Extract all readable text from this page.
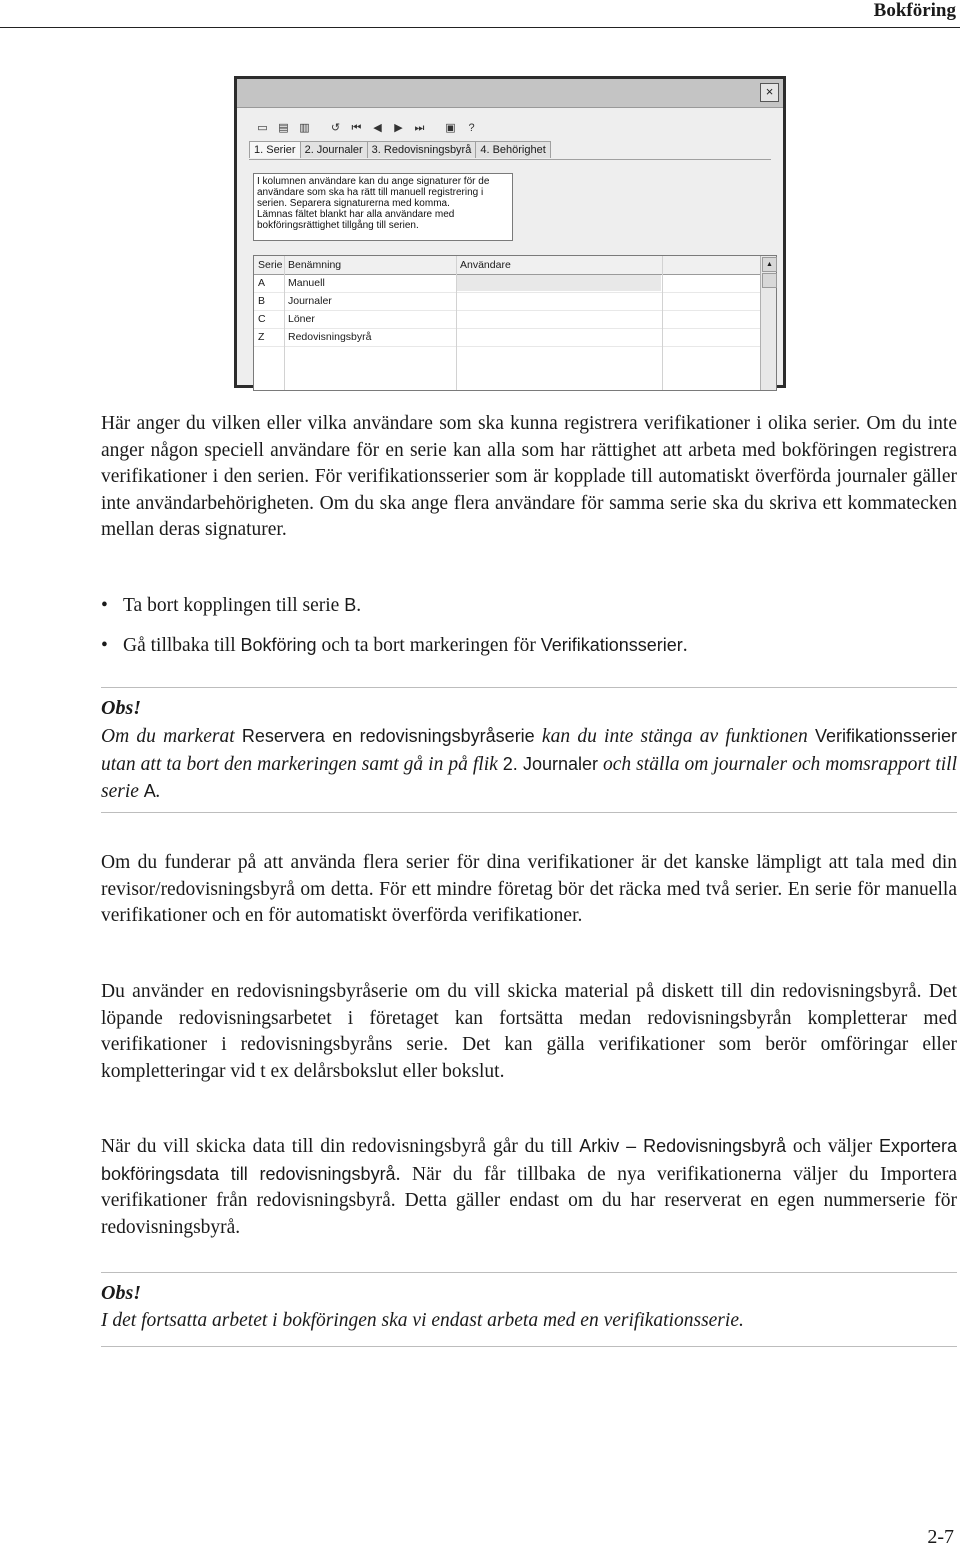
Bokföring
×
▭ ▤ ▥ ↺ ⏮ ◀ ▶ ⏭ ▣	?
1. Serier 2. Journaler 3. Redovisningsbyrå 4. Behörighet
I kolumnen användare kan du ange signaturer för de
användare som ska ha rätt till manuell registrering i
serien. Separera signaturerna med komma.
Lämnas fältet blankt har alla användare med
bokföringsrättighet tillgång till serien.
Serie Benämning	Användare
A Manuell
B Journaler
C Löner
Z Redovisningsbyrå
▲
Här anger du vilken eller vilka användare som ska kunna registrera verifikationer i olika serier. Om du inte anger någon speciell användare för en serie kan alla som har rättighet att arbeta med bokföringen registrera verifikationer i den serien. För verifikationsserier som är kopplade till automatiskt överförda journaler gäller inte användarbehörigheten. Om du ska ange flera användare för samma serie ska du skriva ett kommatecken mellan deras signaturer.
• Ta bort kopplingen till serie B.
• Gå tillbaka till Bokföring och ta bort markeringen för Verifikationsserier.
Obs!
Om du markerat Reservera en redovisningsbyråserie kan du inte stänga av funktionen Verifikationsserier utan att ta bort den markeringen samt gå in på flik 2. Journaler och ställa om journaler och momsrapport till serie A.
Om du funderar på att använda flera serier för dina verifikationer är det kanske lämpligt att tala med din revisor/redovisningsbyrå om detta. För ett mindre företag bör det räcka med två serier. En serie för manuella verifikationer och en för automatiskt överförda verifikationer.
Du använder en redovisningsbyråserie om du vill skicka material på diskett till din redovisningsbyrå. Det löpande redovisningsarbetet i företaget kan fortsätta medan redovisningsbyrån kompletterar med verifikationer i redovisningsbyråns serie. Det kan gälla verifikationer som berör omföringar eller kompletteringar vid t ex delårsbokslut eller bokslut.
När du vill skicka data till din redovisningsbyrå går du till Arkiv – Redovisningsbyrå och väljer Exportera bokföringsdata till redovisningsbyrå. När du får tillbaka de nya verifikationerna väljer du Importera verifikationer från redovisningsbyrå. Detta gäller endast om du har reserverat en egen nummerserie för redovisningsbyrå.
Obs!
I det fortsatta arbetet i bokföringen ska vi endast arbeta med en verifikationsserie.
2-7
